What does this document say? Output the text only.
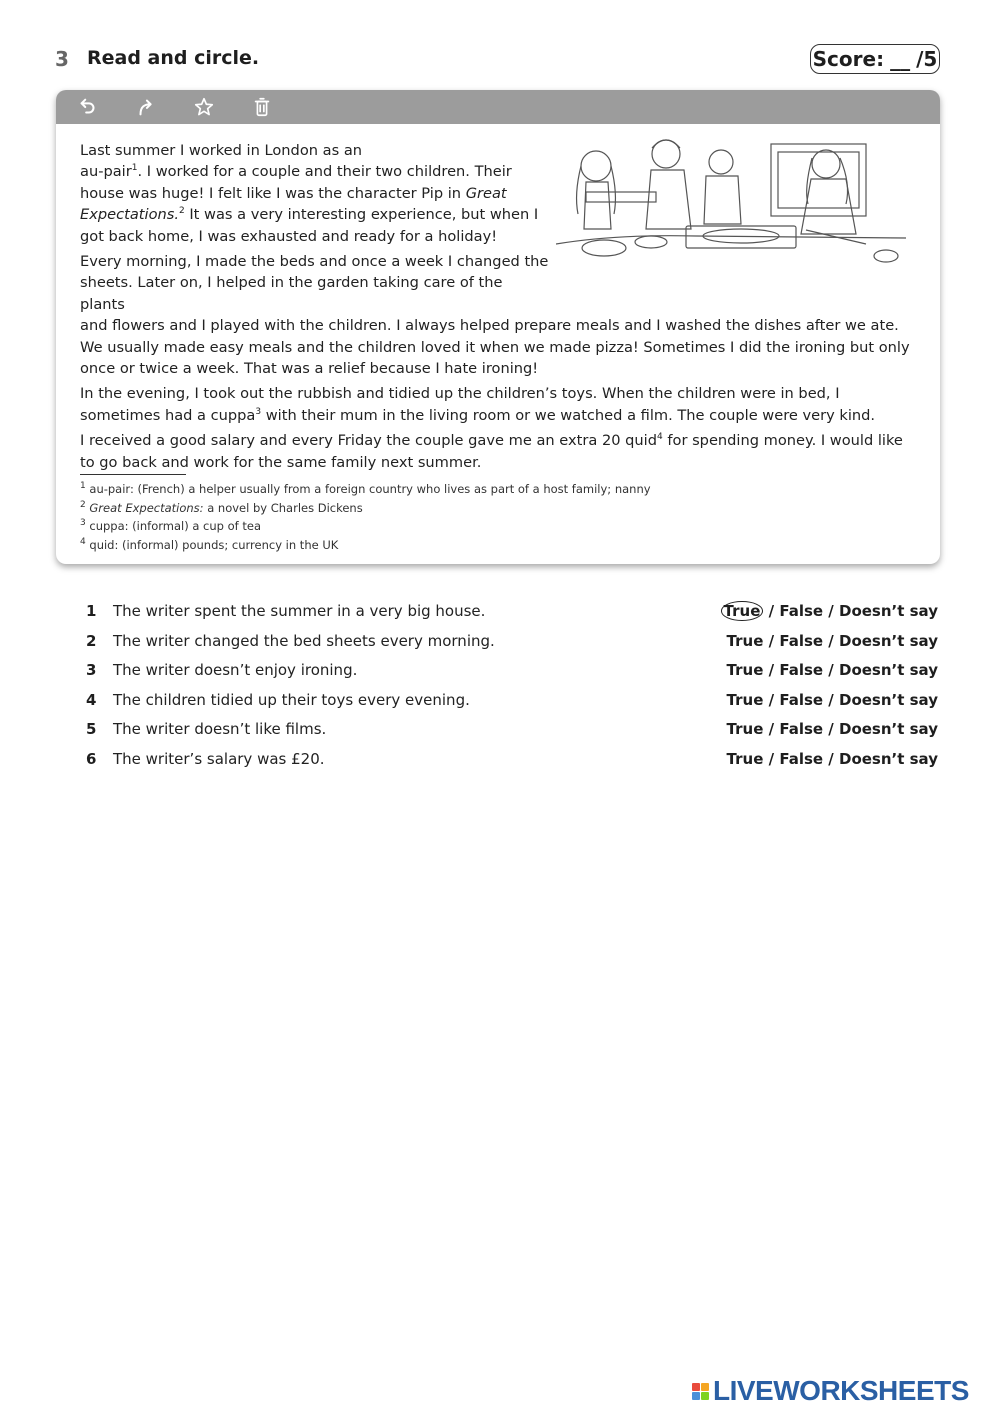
3 Read and circle.	Score: __ /5

Last summer I worked in London as an
au-pair$^1$. I worked for a couple and their two children. Their house was huge! I felt like I was the character Pip in Great Expectations.$^2$ It was a very interesting experience, but when I got back home, I was exhausted and ready for a holiday!

Every morning, I made the beds and once a week I changed the sheets. Later on, I helped in the garden taking care of the plants
and flowers and I played with the children. I always helped prepare meals and I washed the dishes after we ate. We usually made easy meals and the children loved it when we made pizza! Sometimes I did the ironing but only once or twice a week. That was a relief because I hate ironing!

In the evening, I took out the rubbish and tidied up the children’s toys. When the children were in bed, I sometimes had a cuppa$^3$ with their mum in the living room or we watched a film. The couple were very kind.

I received a good salary and every Friday the couple gave me an extra 20 quid$^4$ for spending money. I would like to go back and work for the same family next summer.

$^1$ au-pair: (French) a helper usually from a foreign country who lives as part of a host family; nanny
$^2$ Great Expectations: a novel by Charles Dickens
$^3$ cuppa: (informal) a cup of tea
$^4$ quid: (informal) pounds; currency in the UK
1 The writer spent the summer in a very big house.	True / False / Doesn’t say
2 The writer changed the bed sheets every morning.	True / False / Doesn’t say
3 The writer doesn’t enjoy ironing.	True / False / Doesn’t say
4 The children tidied up their toys every evening.	True / False / Doesn’t say
5 The writer doesn’t like films.	True / False / Doesn’t say
6 The writer’s salary was £20.	True / False / Doesn’t say
LIVEWORKSHEETS
